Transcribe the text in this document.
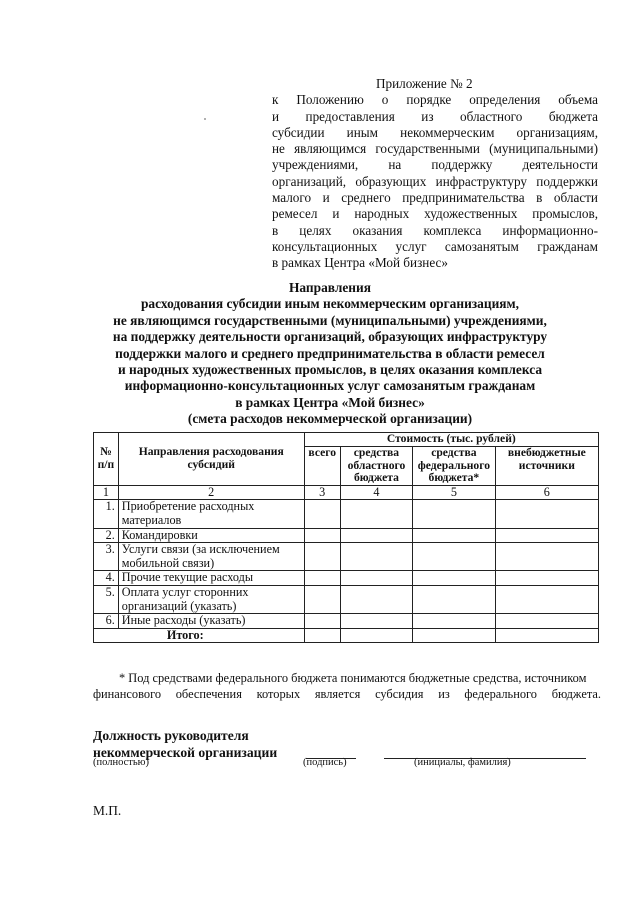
Приложение № 2
к Положению о порядке определения объема
и предоставления из областного бюджета
субсидии иным некоммерческим организациям,
не являющимся государственными (муниципальными)
учреждениями, на поддержку деятельности
организаций, образующих инфраструктуру поддержки
малого и среднего предпринимательства в области
ремесел и народных художественных промыслов,
в целях оказания комплекса информационно-
консультационных услуг самозанятым гражданам
в рамках Центра «Мой бизнес»
Направления
расходования субсидии иным некоммерческим организациям,
не являющимся государственными (муниципальными) учреждениями,
на поддержку деятельности организаций, образующих инфраструктуру
поддержки малого и среднего предпринимательства в области ремесел
и народных художественных промыслов, в целях оказания комплекса
информационно-консультационных услуг самозанятым гражданам
в рамках Центра «Мой бизнес»
(смета расходов некоммерческой организации)
№ п/п	Направления расходования субсидий	Стоимость (тыс. рублей)			
		всего	средства областного бюджета	средства федерального бюджета*	внебюджетные источники
1	2	3	4	5	6
1.	Приобретение расходных материалов				
2.	Командировки				
3.	Услуги связи (за исключением мобильной связи)				
4.	Прочие текущие расходы				
5.	Оплата услуг сторонних организаций (указать)				
6.	Иные расходы (указать)				
Итого:					
* Под средствами федерального бюджета понимаются бюджетные средства, источником
финансового обеспечения которых является субсидия из федерального бюджета.
Должность руководителя
некоммерческой организации
(полностью)	(подпись)	(инициалы, фамилия)
М.П.
